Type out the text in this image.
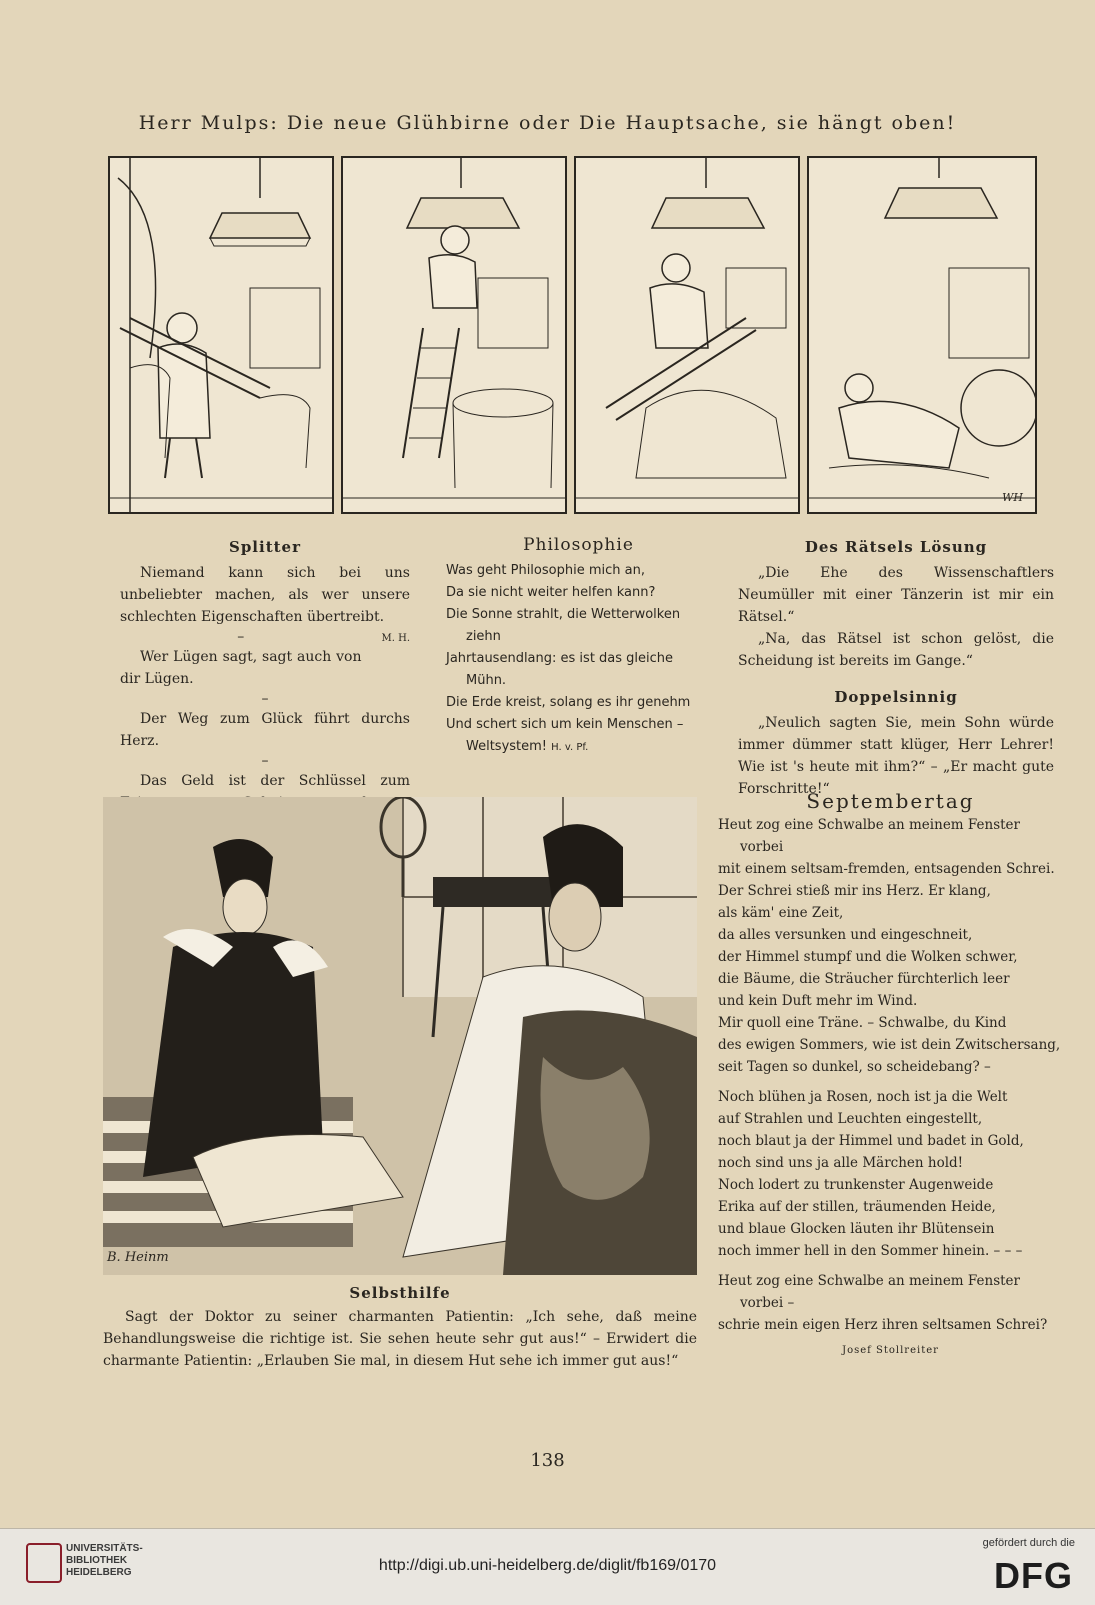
Herr Mulps: Die neue Glühbirne oder Die Hauptsache, sie hängt oben!
WH
Splitter

Niemand kann sich bei uns unbeliebter machen, als wer unsere schlechten Eigenschaften übertreibt.
M. H.

–

Wer Lügen sagt, sagt auch von dir Lügen.

–

Der Weg zum Glück führt durchs Herz.

–

Das Geld ist der Schlüssel zum

Philosophie
Was geht Philosophie mich an,
Da sie nicht weiter helfen kann?
Die Sonne strahlt, die Wetterwolken
ziehn
Jahrtausendlang: es ist das gleiche
Mühn.
Die Erde kreist, solang es ihr genehm
Und schert sich um kein Menschen –
Weltsystem! H. v. Pf.
Des Rätsels Lösung

„Die Ehe des Wissenschaftlers Neumüller mit einer Tänzerin ist mir ein Rätsel.“

„Na, das Rätsel ist schon gelöst, die Scheidung ist bereits im Gange.“

Doppelsinnig

„Neulich sagten Sie, mein Sohn würde immer dümmer statt klüger, Herr Lehrer! Wie ist 's heute mit ihm?“ – „Er macht gute Forschritte!“

B. Heinm
Selbsthilfe

Sagt der Doktor zu seiner charmanten Patientin: „Ich sehe, daß meine Behandlungsweise die richtige ist. Sie sehen heute sehr gut aus!“ – Erwidert die charmante Patientin: „Erlauben Sie mal, in diesem Hut sehe ich immer gut aus!“

Septembertag
Heut zog eine Schwalbe an meinem Fenster
vorbei
mit einem seltsam-fremden, entsagenden Schrei.
Der Schrei stieß mir ins Herz. Er klang,
als käm' eine Zeit,
da alles versunken und eingeschneit,
der Himmel stumpf und die Wolken schwer,
die Bäume, die Sträucher fürchterlich leer
und kein Duft mehr im Wind.
Mir quoll eine Träne. – Schwalbe, du Kind
des ewigen Sommers, wie ist dein Zwitschersang,
seit Tagen so dunkel, so scheidebang? –
Noch blühen ja Rosen, noch ist ja die Welt
auf Strahlen und Leuchten eingestellt,
noch blaut ja der Himmel und badet in Gold,
noch sind uns ja alle Märchen hold!
Noch lodert zu trunkenster Augenweide
Erika auf der stillen, träumenden Heide,
und blaue Glocken läuten ihr Blütensein
noch immer hell in den Sommer hinein. – – –
Heut zog eine Schwalbe an meinem Fenster
vorbei –
schrie mein eigen Herz ihren seltsamen Schrei?
Josef Stollreiter
138
UNIVERSITÄTS-
BIBLIOTHEK
HEIDELBERG	http://digi.ub.uni-heidelberg.de/diglit/fb169/0170
gefördert durch die
DFG
